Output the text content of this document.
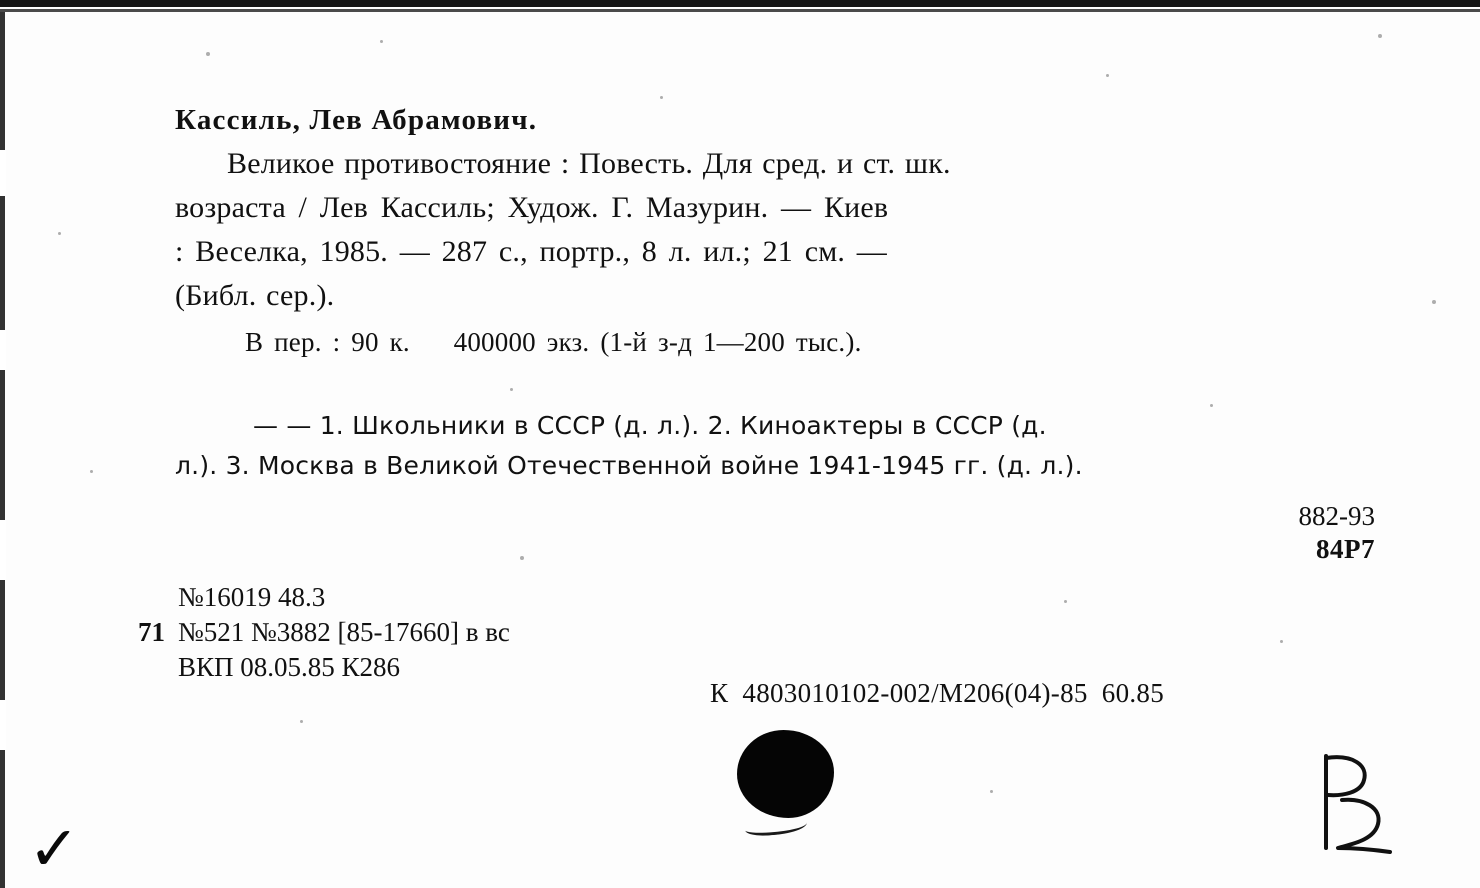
Кассиль, Лев Абрамович.
Великое противостояние : Повесть. Для сред. и ст. шк.
возраста / Лев Кассиль; Худож. Г. Мазурин. — Киев
: Веселка, 1985. — 287 с., портр., 8 л. ил.; 21 см. —
(Библ. сер.).
В пер. : 90 к.    400000 экз. (1-й з-д 1—200 тыс.).
— — 1. Школьники в СССР (д. л.). 2. Киноактеры в СССР (д.
л.). 3. Москва в Великой Отечественной войне 1941-1945 гг. (д. л.).
882-93
84Р7
71
№16019 48.3
№521 №3882 [85-17660] в вс
ВКП 08.05.85 К286
К  4803010102-002/М206(04)-85  60.85
✓
